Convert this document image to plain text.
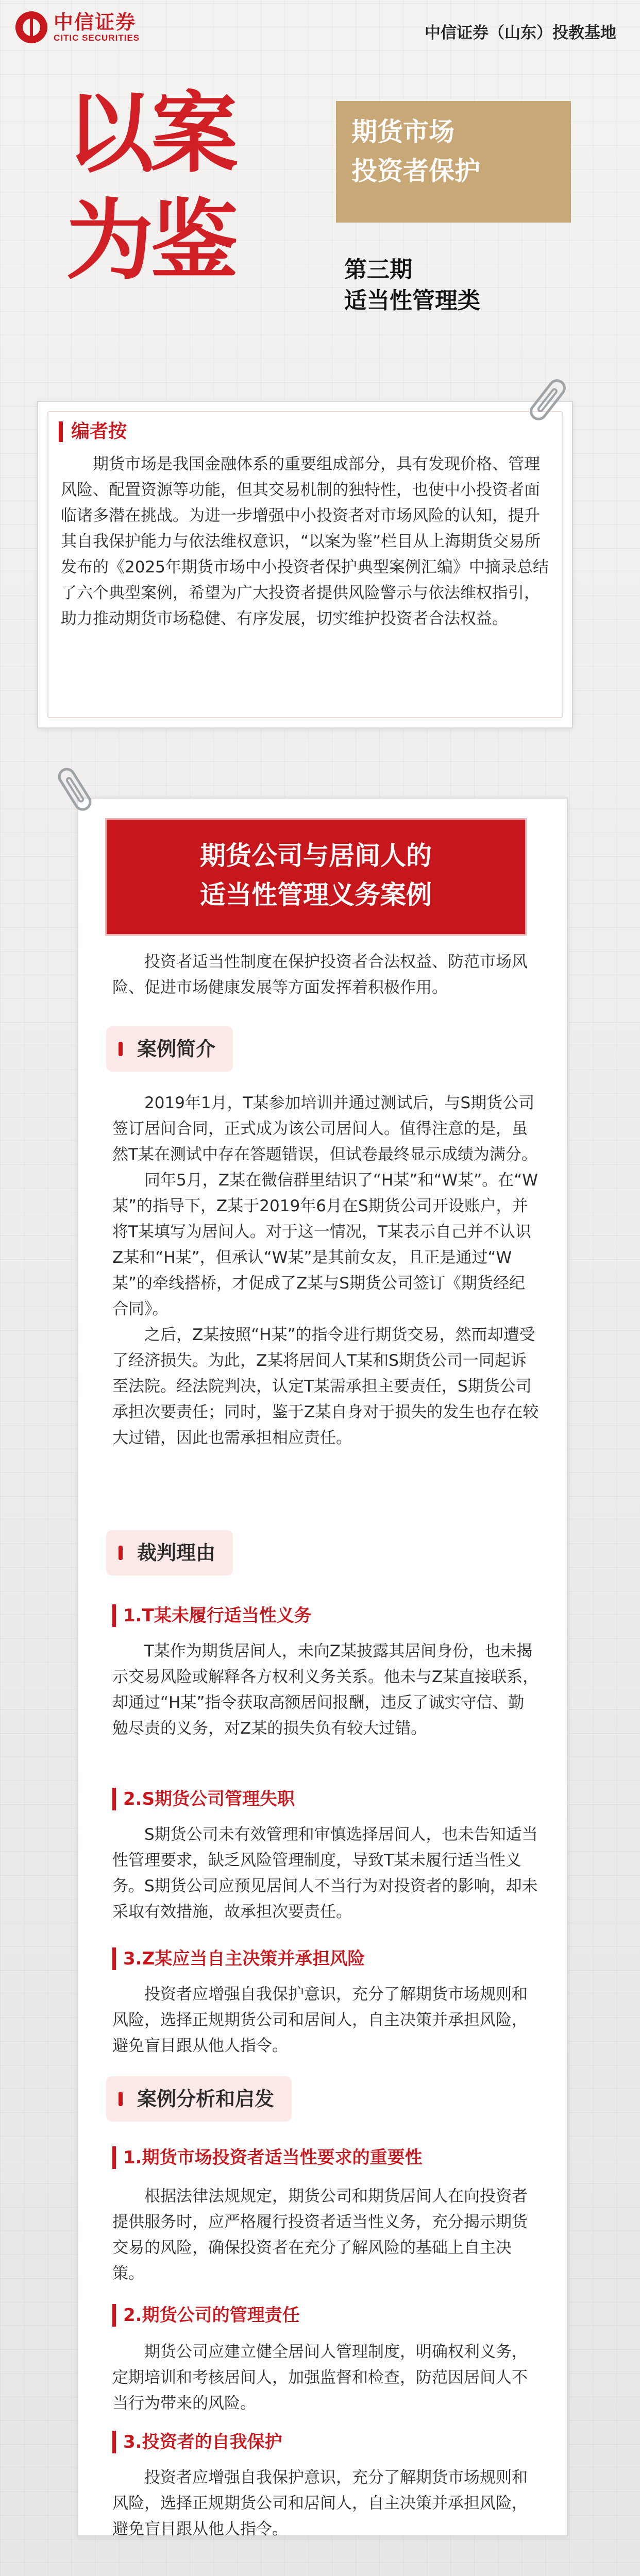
中信证券
CITIC SECURITIES	中信证券（山东）投教基地
以案
为鉴
期货市场
投资者保护
第三期
适当性管理类
编者按
期货市场是我国金融体系的重要组成部分，具有发现价格、管理风险、配置资源等功能，但其交易机制的独特性，也使中小投资者面临诸多潜在挑战。为进一步增强中小投资者对市场风险的认知，提升其自我保护能力与依法维权意识，“以案为鉴”栏目从上海期货交易所发布的《2025年期货市场中小投资者保护典型案例汇编》中摘录总结了六个典型案例，希望为广大投资者提供风险警示与依法维权指引，助力推动期货市场稳健、有序发展，切实维护投资者合法权益。
期货公司与居间人的
适当性管理义务案例
投资者适当性制度在保护投资者合法权益、防范市场风险、促进市场健康发展等方面发挥着积极作用。
案例简介

2019年1月，T某参加培训并通过测试后，与S期货公司签订居间合同，正式成为该公司居间人。值得注意的是，虽然T某在测试中存在答题错误，但试卷最终显示成绩为满分。

同年5月，Z某在微信群里结识了“H某”和“W某”。在“W某”的指导下，Z某于2019年6月在S期货公司开设账户，并将T某填写为居间人。对于这一情况，T某表示自己并不认识Z某和“H某”，但承认“W某”是其前女友，且正是通过“W某”的牵线搭桥，才促成了Z某与S期货公司签订《期货经纪合同》。

之后，Z某按照“H某”的指令进行期货交易，然而却遭受了经济损失。为此，Z某将居间人T某和S期货公司一同起诉至法院。经法院判决，认定T某需承担主要责任，S期货公司承担次要责任；同时，鉴于Z某自身对于损失的发生也存在较大过错，因此也需承担相应责任。

裁判理由
1.T某未履行适当性义务
T某作为期货居间人，未向Z某披露其居间身份，也未揭示交易风险或解释各方权利义务关系。他未与Z某直接联系，却通过“H某”指令获取高额居间报酬，违反了诚实守信、勤勉尽责的义务，对Z某的损失负有较大过错。
2.S期货公司管理失职
S期货公司未有效管理和审慎选择居间人，也未告知适当性管理要求，缺乏风险管理制度，导致T某未履行适当性义务。S期货公司应预见居间人不当行为对投资者的影响，却未采取有效措施，故承担次要责任。
3.Z某应当自主决策并承担风险
投资者应增强自我保护意识，充分了解期货市场规则和风险，选择正规期货公司和居间人，自主决策并承担风险，避免盲目跟从他人指令。
案例分析和启发
1.期货市场投资者适当性要求的重要性
根据法律法规规定，期货公司和期货居间人在向投资者提供服务时，应严格履行投资者适当性义务，充分揭示期货交易的风险，确保投资者在充分了解风险的基础上自主决策。
2.期货公司的管理责任
期货公司应建立健全居间人管理制度，明确权利义务，定期培训和考核居间人，加强监督和检查，防范因居间人不当行为带来的风险。
3.投资者的自我保护
投资者应增强自我保护意识，充分了解期货市场规则和风险，选择正规期货公司和居间人，自主决策并承担风险，避免盲目跟从他人指令。
